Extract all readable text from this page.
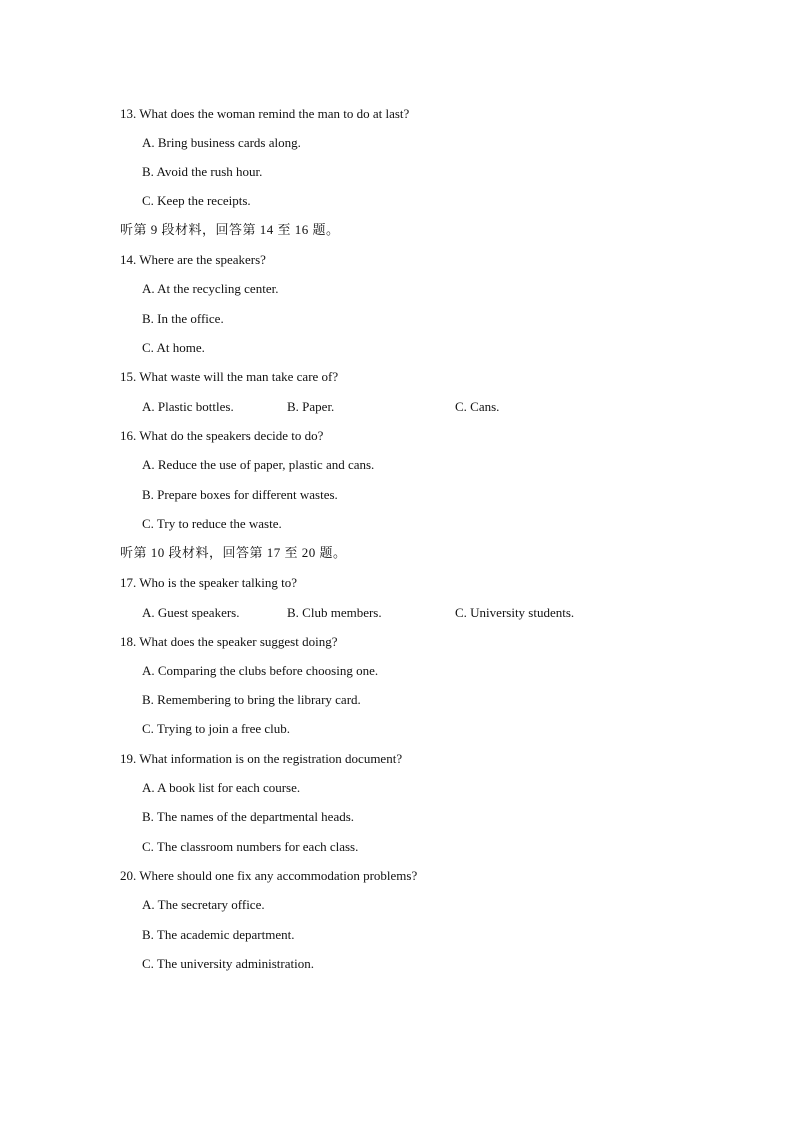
13. What does the woman remind the man to do at last?
A. Bring business cards along.
B. Avoid the rush hour.
C. Keep the receipts.
听第 9 段材料，回答第 14 至 16 题。
14. Where are the speakers?
A. At the recycling center.
B. In the office.
C. At home.
15. What waste will the man take care of?
A. Plastic bottles.	B. Paper.	C. Cans.
16. What do the speakers decide to do?
A. Reduce the use of paper, plastic and cans.
B. Prepare boxes for different wastes.
C. Try to reduce the waste.
听第 10 段材料，回答第 17 至 20 题。
17. Who is the speaker talking to?
A. Guest speakers.	B. Club members.	C. University students.
18. What does the speaker suggest doing?
A. Comparing the clubs before choosing one.
B. Remembering to bring the library card.
C. Trying to join a free club.
19. What information is on the registration document?
A. A book list for each course.
B. The names of the departmental heads.
C. The classroom numbers for each class.
20. Where should one fix any accommodation problems?
A. The secretary office.
B. The academic department.
C. The university administration.
